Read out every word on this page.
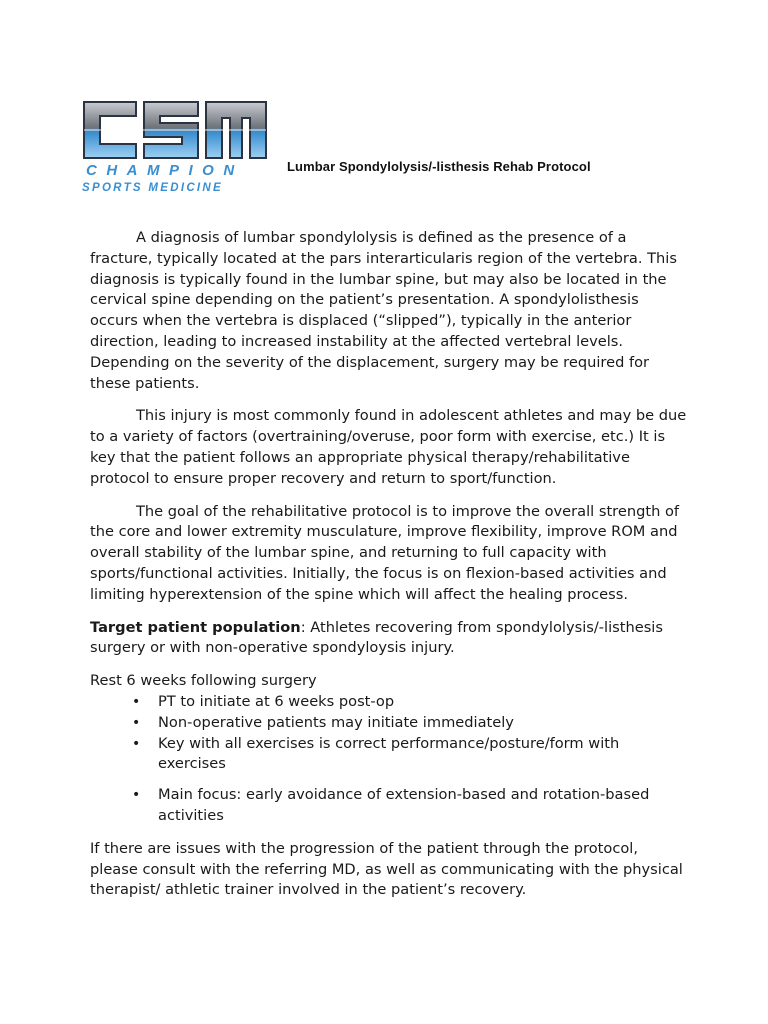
CHAMPION
SPORTS MEDICINE
Lumbar Spondylolysis/-listhesis Rehab Protocol

A diagnosis of lumbar spondylolysis is defined as the presence of a fracture, typically located at the pars interarticularis region of the vertebra. This diagnosis is typically found in the lumbar spine, but may also be located in the cervical spine depending on the patient’s presentation. A spondylolisthesis occurs when the vertebra is displaced (“slipped”), typically in the anterior direction, leading to increased instability at the affected vertebral levels. Depending on the severity of the displacement, surgery may be required for these patients.

This injury is most commonly found in adolescent athletes and may be due to a variety of factors (overtraining/overuse, poor form with exercise, etc.) It is key that the patient follows an appropriate physical therapy/rehabilitative protocol to ensure proper recovery and return to sport/function.

The goal of the rehabilitative protocol is to improve the overall strength of the core and lower extremity musculature, improve flexibility, improve ROM and overall stability of the lumbar spine, and returning to full capacity with sports/functional activities. Initially, the focus is on flexion-based activities and limiting hyperextension of the spine which will affect the healing process.

Target patient population: Athletes recovering from spondylolysis/-listhesis surgery or with non-operative spondyloysis injury.

Rest 6 weeks following surgery

• PT to initiate at 6 weeks post-op
• Non-operative patients may initiate immediately
• Key with all exercises is correct performance/posture/form with exercises
• Main focus: early avoidance of extension-based and rotation-based activities

If there are issues with the progression of the patient through the protocol, please consult with the referring MD, as well as communicating with the physical therapist/ athletic trainer involved in the patient’s recovery.
